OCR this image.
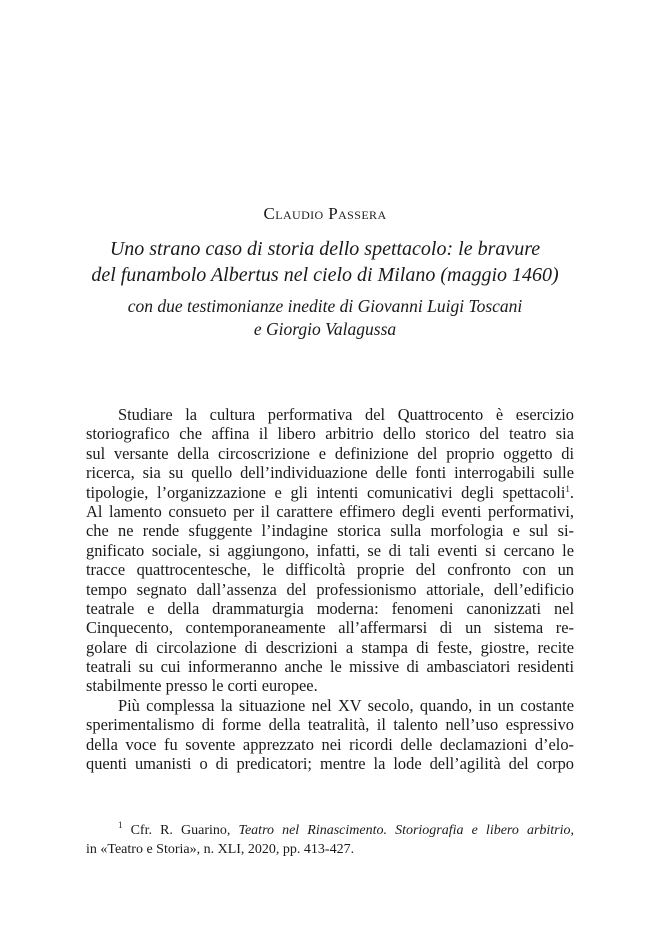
Claudio Passera
Uno strano caso di storia dello spettacolo: le bravure
del funambolo Albertus nel cielo di Milano (maggio 1460)
con due testimonianze inedite di Giovanni Luigi Toscani
e Giorgio Valagussa
Studiare la cultura performativa del Quattrocento è esercizio
storiografico che affina il libero arbitrio dello storico del teatro sia
sul versante della circoscrizione e definizione del proprio oggetto di
ricerca, sia su quello dell’individuazione delle fonti interrogabili sulle
tipologie, l’organizzazione e gli intenti comunicativi degli spettacoli$^1$.
Al lamento consueto per il carattere effimero degli eventi performativi,
che ne rende sfuggente l’indagine storica sulla morfologia e sul si-
gnificato sociale, si aggiungono, infatti, se di tali eventi si cercano le
tracce quattrocentesche, le difficoltà proprie del confronto con un
tempo segnato dall’assenza del professionismo attoriale, dell’edificio
teatrale e della drammaturgia moderna: fenomeni canonizzati nel
Cinquecento, contemporaneamente all’affermarsi di un sistema re-
golare di circolazione di descrizioni a stampa di feste, giostre, recite
teatrali su cui informeranno anche le missive di ambasciatori residenti
stabilmente presso le corti europee.
Più complessa la situazione nel XV secolo, quando, in un costante
sperimentalismo di forme della teatralità, il talento nell’uso espressivo
della voce fu sovente apprezzato nei ricordi delle declamazioni d’elo-
quenti umanisti o di predicatori; mentre la lode dell’agilità del corpo
$^1$ Cfr. R. Guarino, Teatro nel Rinascimento. Storiografia e libero arbitrio,
in «Teatro e Storia», n. XLI, 2020, pp. 413-427.
